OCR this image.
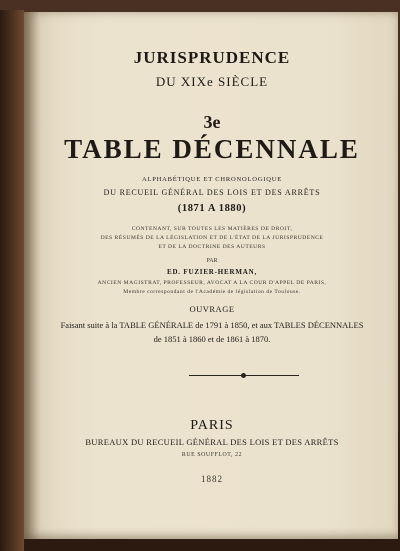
JURISPRUDENCE
DU XIXe SIÈCLE
3e
TABLE DÉCENNALE
ALPHABÉTIQUE ET CHRONOLOGIQUE
DU RECUEIL GÉNÉRAL DES LOIS ET DES ARRÊTS
(1871 A 1880)
CONTENANT, SUR TOUTES LES MATIÈRES DE DROIT,
DES RÉSUMÉS DE LA LÉGISLATION ET DE L'ÉTAT DE LA JURISPRUDENCE
ET DE LA DOCTRINE DES AUTEURS
PAR
ED. FUZIER-HERMAN,
ANCIEN MAGISTRAT, PROFESSEUR, AVOCAT A LA COUR D'APPEL DE PARIS,
Membre correspondant de l'Académie de législation de Toulouse.
OUVRAGE
Faisant suite à la TABLE GÉNÉRALE de 1791 à 1850, et aux TABLES DÉCENNALES
de 1851 à 1860 et de 1861 à 1870.
PARIS
BUREAUX DU RECUEIL GÉNÉRAL DES LOIS ET DES ARRÊTS
RUE SOUFFLOT, 22
1882
